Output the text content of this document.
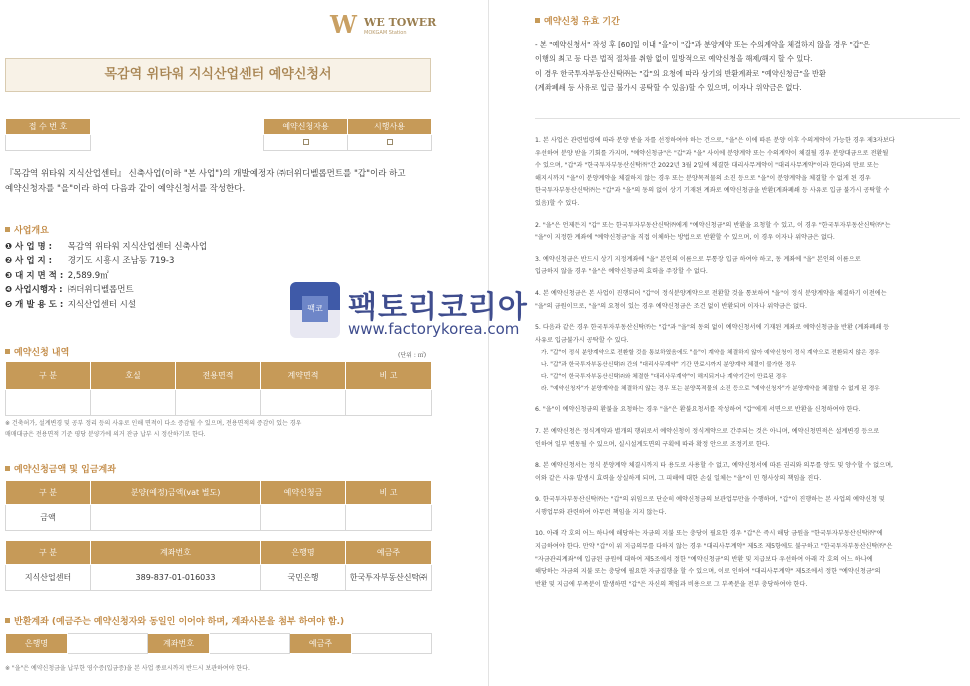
W WE TOWER
MOKGAM Station
목감역 위타워 지식산업센터 예약신청서
접 수 번 호		예약신청자용	시행사용

『목감역 위타워 지식산업센터』 신축사업(이하 "본 사업")의 개발예정자 ㈜더위디벨롭먼트를 "갑"이라 하고

예약신청자를 "을"이라 하여 다음과 같이 예약신청서를 작성한다.

사업개요
❶ 사 업 명 : 목감역 위타워 지식산업센터 신축사업
❷ 사 업 지 : 경기도 시흥시 조남동 719-3
❸ 대 지 면 적 : 2,589.9㎡
❹ 사업시행자 : ㈜더위디벨롭먼트
❺ 개 발 용 도 : 지식산업센터 시설
예약신청 내역	(단위 : ㎡)
구 분	호실	전용면적	계약면적	비 고

※ 건축허가, 설계변경 및 공부 정리 등의 사유로 인해 면적이 다소 증감될 수 있으며, 전용면적의 증감이 있는 경우

매매대금은 전용면적 기준 평당 분양가에 의거 잔금 납부 시 정산하기로 한다.

예약신청금액 및 입금계좌
구 분	분양(예정)금액(vat 별도)	예약신청금	비 고
금액			
구 분	계좌번호	은행명	예금주
지식산업센터	389-837-01-016033	국민은행	한국투자부동산신탁㈜
반환계좌 (예금주는 예약신청자와 동일인 이어야 하며, 계좌사본을 첨부 하여야 함.)
은행명		계좌번호		예금주	
※ "을"은 예약신청금을 납부한 영수증(입금증)을 본 사업 종료시까지 반드시 보관하여야 한다.
예약신청 유효 기간

- 본 "예약신청서" 작성 후 [60]일 이내 "을"이 "갑"과 분양계약 또는 수의계약을 체결하지 않을 경우 "갑"은

이행의 최고 등 다른 법적 절차를 취함 없이 일방적으로 예약신청을 해제/해지 할 수 있다.

이 경우 한국투자부동산신탁㈜는 "갑"의 요청에 따라 상기의 반환계좌로 "예약신청금"을 반환

(계좌폐쇄 등 사유로 입금 불가시 공탁할 수 있음)할 수 있으며, 이자나 위약금은 없다.

1. 본 사업은 관련법령에 따라 분양 받을 자를 선정하여야 하는 건으로, "을"은 이에 따른 분양 이후 수의계약이 가능한 경우 제3자보다

우선하여 분양 받을 기회를 가지며, "예약신청금"은 "갑"과 "을" 사이에 분양계약 또는 수의계약이 체결될 경우 분양대금으로 전환될

수 있으며, "갑"과 "한국투자부동산신탁㈜"간 2022년 3월 2일에 체결한 대리사무계약이 "대리사무계약"이라 한다)의 만료 또는

해지시까지 "을"이 분양계약을 체결하지 않는 경우 또는 분양목적물의 소진 등으로 "을"이 분양계약을 체결할 수 없게 된 경우

한국투자부동산신탁㈜는 "갑"과 "을"의 동의 없이 상기 기재된 계좌로 예약신청금을 반환(계좌폐쇄 등 사유로 입금 불가시 공탁할 수

있음)할 수 있다.

2. "을"은 언제든지 "갑" 또는 한국투자부동산신탁㈜에게 "예약신청금"의 반환을 요청할 수 있고, 이 경우 "한국투자부동산신탁㈜"는

"을"이 지정한 계좌에 "예약신청금"을 직접 이체하는 방법으로 반환할 수 있으며, 이 경우 이자나 위약금은 없다.

3. 예약신청금은 반드시 상기 지정계좌에 "을" 본인의 이름으로 무통장 입금 하여야 하고, 동 계좌에 "을" 본인의 이름으로

입금하지 않을 경우 "을"은 예약신청금의 효력을 주장할 수 없다.

4. 본 예약신청금은 본 사업이 진행되어 "갑"이 정식분양계약으로 전환할 것을 통보하여 "을"이 정식 분양계약을 체결하기 이전에는

"을"의 금원이므로, "을"의 요청이 있는 경우 예약신청금은 조건 없이 반환되며 이자나 위약금은 없다.

5. 다음과 같은 경우 한국투자부동산신탁㈜는 "갑"과 "을"의 동의 없이 예약신청서에 기재된 계좌로 예약신청금을 반환 (계좌폐쇄 등

사유로 입금불가시 공탁할 수 있다.

가. "갑"이 정식 분양계약으로 전환할 것을 통보하였음에도 "을"이 계약을 체결하지 않아 예약신청이 정식 계약으로 전환되지 않은 경우

나. "갑"과 한국투자부동산신탁㈜ 간의 "대리사무계약" 기간 만료시까지 분양계약 체결이 불가한 경우

다. "갑"이 한국투자부동산신탁㈜와 체결한 "대리사무계약"이 해지되거나 계약기간이 만료된 경우

라. "예약신청자"가 분양계약을 체결하지 않는 경우 또는 분양목적물의 소진 등으로 "예약신청자"가 분양계약을 체결할 수 없게 된 경우

6. "을"이 예약신청금의 환불을 요청하는 경우 "을"은 환불요청서를 작성하여 "갑"에게 서면으로 반환을 신청하여야 한다.

7. 본 예약신청은 정식계약과 별개의 행위로서 예약신청이 정식계약으로 간주되는 것은 아니며, 예약신청면적은 설계변경 등으로

인하여 일부 변동될 수 있으며, 실시설계도면의 구획에 따라 확정 안으로 조정키로 한다.

8. 본 예약신청서는 정식 분양계약 체결시까지 타 용도로 사용할 수 없고, 예약신청서에 따른 권리와 의무를 양도 및 양수할 수 없으며,

이와 같은 사유 발생시 효력을 상실하게 되며, 그 피해에 대한 손실 일체는 "을"이 민 형사상의 책임을 진다.

9. 한국투자부동산신탁㈜는 "갑"의 위임으로 단순히 예약신청금의 보관업무만을 수행하며, "갑"이 진행하는 본 사업의 예약신청 및

시행업무와 관련하여 아무런 책임을 지지 않는다.

10. 아래 각 호의 어느 하나에 해당하는 자금의 지불 또는 충당이 필요한 경우 "갑"은 즉시 해당 금원을 "한국투자부동산신탁㈜"에

지급하여야 한다. 만약 "갑"이 위 지급의무를 다하지 않는 경우 "대리사무계약" 제5조 제5항에도 불구하고 "한국투자부동산신탁㈜"은

"자금관리계좌"에 입금된 금원에 대하여 제5조에서 정한 "예약신청금"의 반환 및 지급보다 우선하여 아래 각 호의 어느 하나에

해당하는 자금의 지불 또는 충당에 필요한 자금집행을 할 수 있으며, 이로 인하여 "대리사무계약" 제5조에서 정한 "예약신청금"의

반환 및 지급에 부족분이 발생하면 "갑"은 자신의 책임과 비용으로 그 부족분을 전부 충당하여야 한다.

팩코 팩토리코리아
www.factorykorea.com
